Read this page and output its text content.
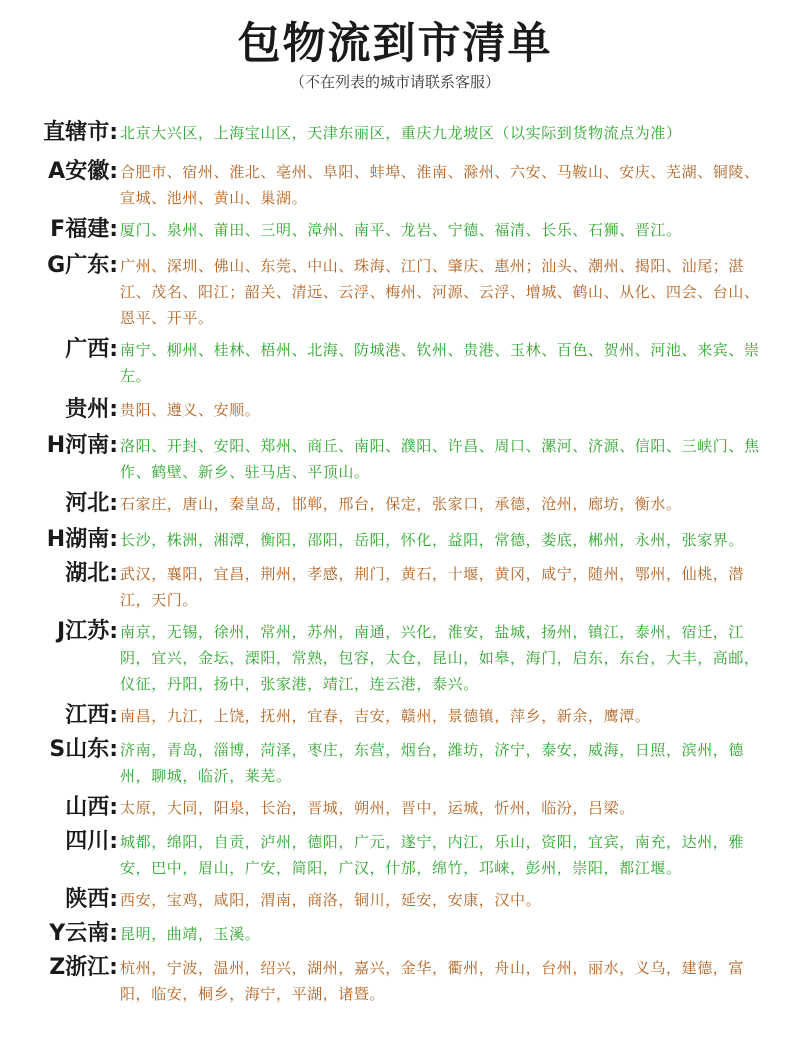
包物流到市清单
（不在列表的城市请联系客服）
直辖市: 北京大兴区，上海宝山区，天津东丽区，重庆九龙坡区（以实际到货物流点为准）
A安徽: 合肥市、宿州、淮北、亳州、阜阳、蚌埠、淮南、滁州、六安、马鞍山、安庆、芜湖、铜陵、宣城、池州、黄山、巢湖。
F福建: 厦门、泉州、莆田、三明、漳州、南平、龙岩、宁德、福清、长乐、石狮、晋江。
G广东: 广州、深圳、佛山、东莞、中山、珠海、江门、肇庆、惠州；汕头、潮州、揭阳、汕尾；湛江、茂名、阳江；韶关、清远、云浮、梅州、河源、云浮、增城、鹤山、从化、四会、台山、恩平、开平。
广西: 南宁、柳州、桂林、梧州、北海、防城港、钦州、贵港、玉林、百色、贺州、河池、来宾、崇左。
贵州: 贵阳、遵义、安顺。
H河南: 洛阳、开封、安阳、郑州、商丘、南阳、濮阳、许昌、周口、漯河、济源、信阳、三峡门、焦作、鹤壁、新乡、驻马店、平顶山。
河北: 石家庄，唐山，秦皇岛，邯郸，邢台，保定，张家口，承德，沧州，廊坊，衡水。
H湖南: 长沙，株洲，湘潭，衡阳，邵阳，岳阳，怀化，益阳，常德，娄底，郴州，永州，张家界。
湖北: 武汉，襄阳，宜昌，荆州，孝感，荆门，黄石，十堰，黄冈，咸宁，随州，鄂州，仙桃，潜江，天门。
J江苏: 南京，无锡，徐州，常州，苏州，南通，兴化，淮安，盐城，扬州，镇江，泰州，宿迁，江阴，宜兴，金坛，溧阳，常熟，包容，太仓，昆山，如皋，海门，启东，东台，大丰，高邮，仪征，丹阳，扬中，张家港，靖江，连云港，泰兴。
江西: 南昌，九江，上饶，抚州，宜春，吉安，赣州，景德镇，萍乡，新余，鹰潭。
S山东: 济南，青岛，淄博，菏泽，枣庄，东营，烟台，潍坊，济宁，泰安，威海，日照，滨州，德州，聊城，临沂，莱芜。
山西: 太原，大同，阳泉，长治，晋城，朔州，晋中，运城，忻州，临汾，吕梁。
四川: 城都，绵阳，自贡，泸州，德阳，广元，遂宁，内江，乐山，资阳，宜宾，南充，达州，雅安，巴中，眉山，广安，简阳，广汉，什邡，绵竹，邛崃，彭州，崇阳，都江堰。
陕西: 西安，宝鸡，咸阳，渭南，商洛，铜川，延安，安康，汉中。
Y云南: 昆明，曲靖，玉溪。
Z浙江: 杭州，宁波，温州，绍兴，湖州，嘉兴，金华，衢州，舟山，台州，丽水，义乌，建德，富阳，临安，桐乡，海宁，平湖，诸暨。
